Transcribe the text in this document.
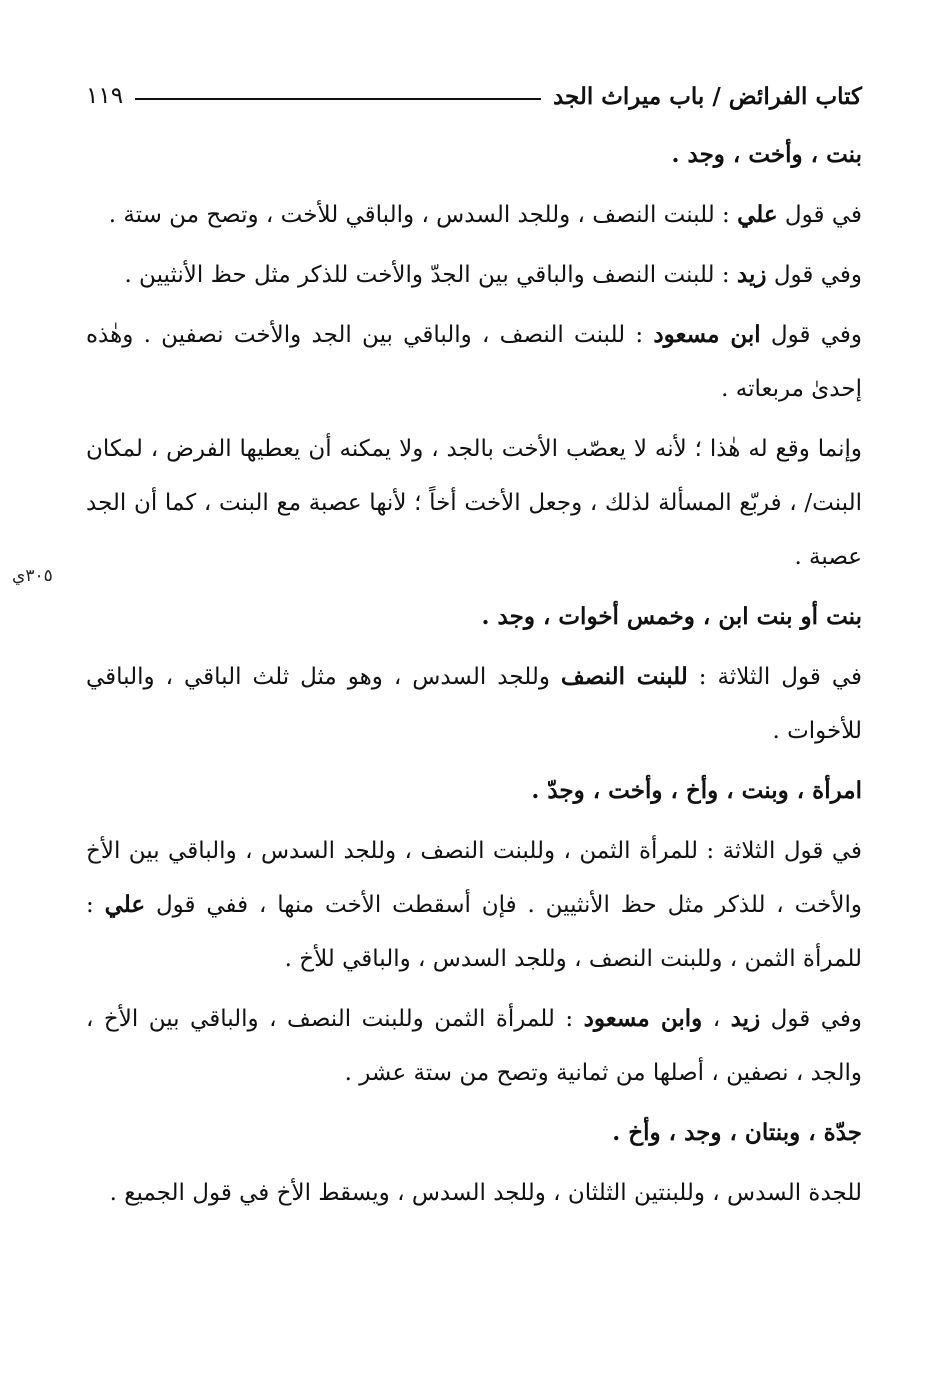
كتاب الفرائض / باب ميراث الجد
١١٩
بنت ، وأخت ، وجد .
في قول علي : للبنت النصف ، وللجد السدس ، والباقي للأخت ، وتصح من ستة .
وفي قول زيد : للبنت النصف والباقي بين الجدّ والأخت للذكر مثل حظ الأنثيين .
وفي قول ابن مسعود : للبنت النصف ، والباقي بين الجد والأخت نصفين . وهٰذه إحدىٰ مربعاته .
وإنما وقع له هٰذا ؛ لأنه لا يعصّب الأخت بالجد ، ولا يمكنه أن يعطيها الفرض ، لمكان البنت/ ، فربّع المسألة لذلك ، وجعل الأخت أخاً ؛ لأنها عصبة مع البنت ، كما أن الجد عصبة .
بنت أو بنت ابن ، وخمس أخوات ، وجد .
في قول الثلاثة : للبنت النصف وللجد السدس ، وهو مثل ثلث الباقي ، والباقي للأخوات .
امرأة ، وبنت ، وأخ ، وأخت ، وجدّ .
في قول الثلاثة : للمرأة الثمن ، وللبنت النصف ، وللجد السدس ، والباقي بين الأخ والأخت ، للذكر مثل حظ الأنثيين . فإن أسقطت الأخت منها ، ففي قول علي : للمرأة الثمن ، وللبنت النصف ، وللجد السدس ، والباقي للأخ .
وفي قول زيد ، وابن مسعود : للمرأة الثمن وللبنت النصف ، والباقي بين الأخ ، والجد ، نصفين ، أصلها من ثمانية وتصح من ستة عشر .
جدّة ، وبنتان ، وجد ، وأخ .
للجدة السدس ، وللبنتين الثلثان ، وللجد السدس ، ويسقط الأخ في قول الجميع .
٣٠٥ي
